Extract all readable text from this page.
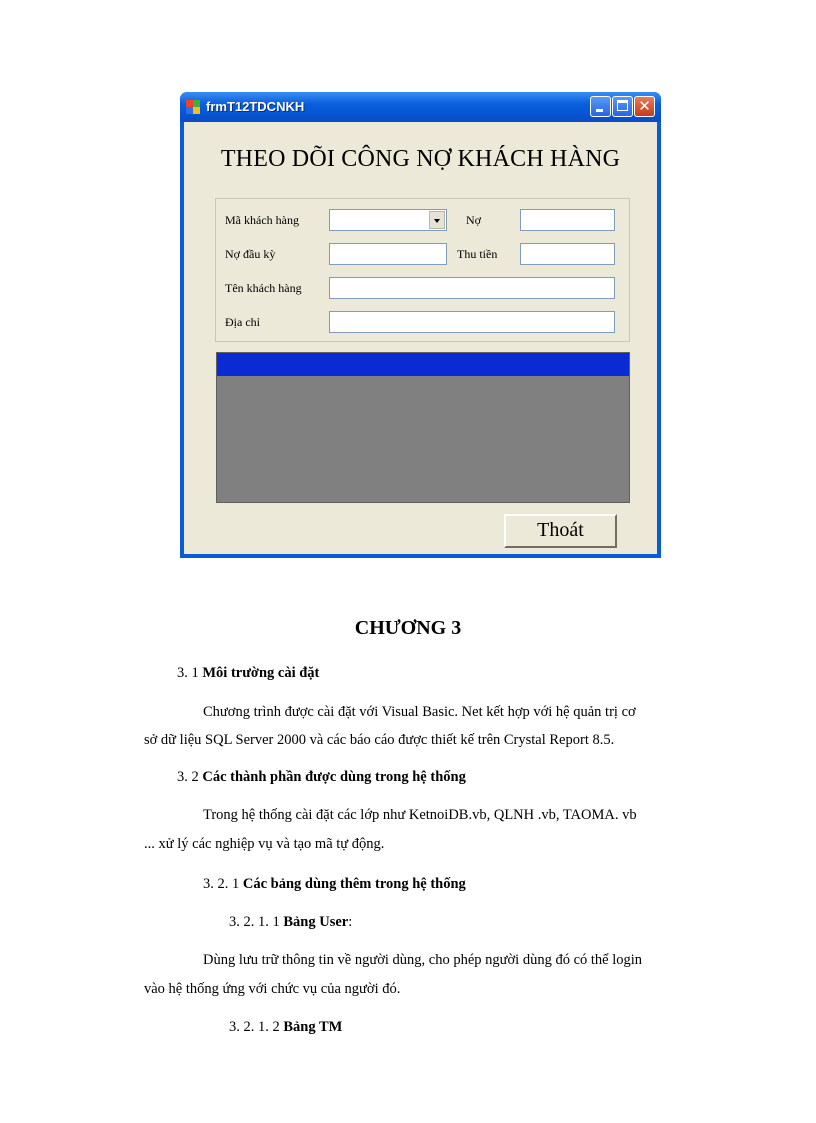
frmT12TDCNKH	✕
THEO DÕI CÔNG NỢ KHÁCH HÀNG
Mã khách hàng	Nợ
Nợ đầu kỳ	Thu tiền
Tên khách hàng
Địa chỉ
Thoát
CHƯƠNG 3
3. 1 Môi trường cài đặt
Chương trình được cài đặt với Visual Basic. Net kết hợp với hệ quản trị cơ
sở dữ liệu SQL Server 2000 và các báo cáo được thiết kế trên Crystal Report 8.5.
3. 2 Các thành phần được dùng trong hệ thống
Trong hệ thống cài đặt các lớp như KetnoiDB.vb, QLNH .vb, TAOMA. vb
... xử lý các nghiệp vụ và tạo mã tự động.
3. 2. 1 Các bảng dùng thêm trong hệ thống
3. 2. 1. 1 Bảng User:
Dùng lưu trữ thông tin về người dùng, cho phép người dùng đó có thể login
vào hệ thống ứng với chức vụ của người đó.
3. 2. 1. 2 Bảng TM
